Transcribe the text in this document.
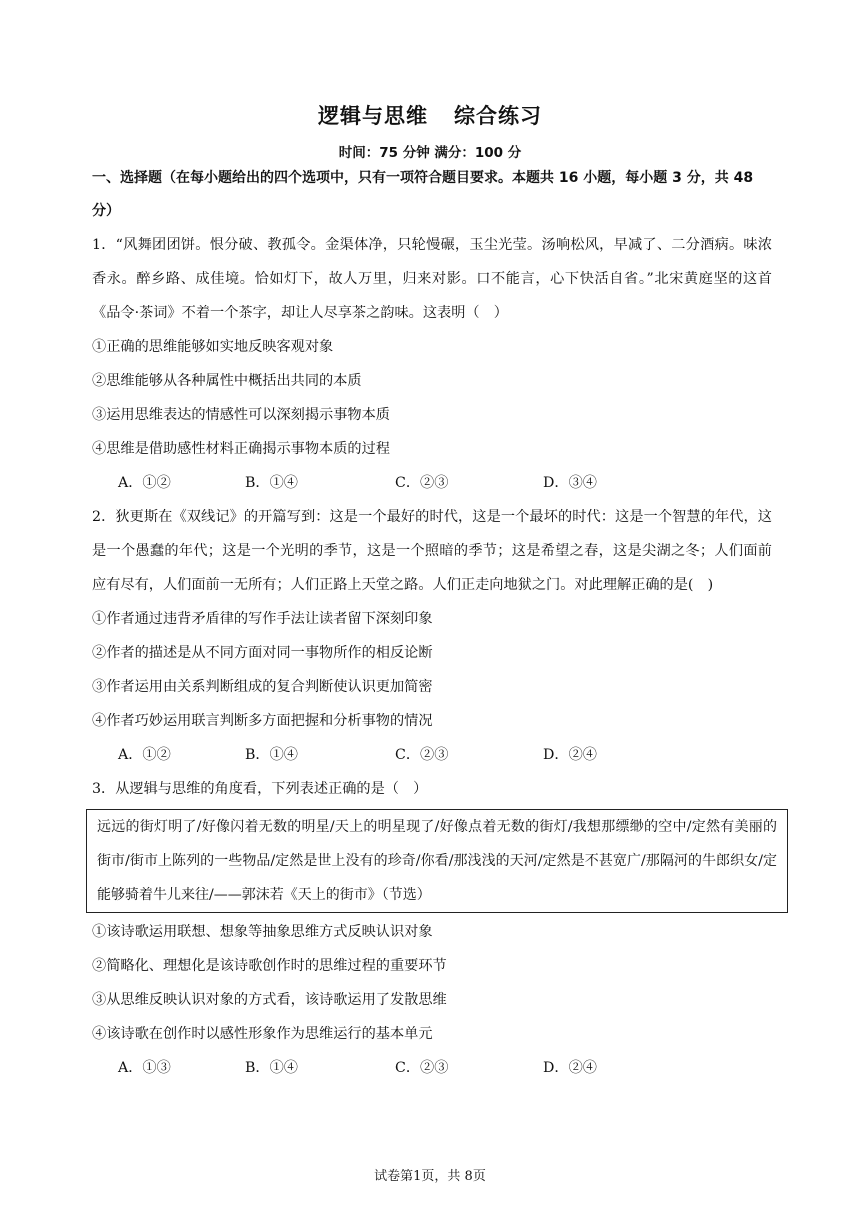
逻辑与思维 综合练习
时间：75 分钟 满分：100 分
一、选择题（在每小题给出的四个选项中，只有一项符合题目要求。本题共 16 小题，每小题 3 分，共 48 分）
1．“风舞团团饼。恨分破、教孤令。金渠体净，只轮慢碾，玉尘光莹。汤响松风，早减了、二分酒病。味浓香永。醉乡路、成佳境。恰如灯下，故人万里，归来对影。口不能言，心下快活自省。”北宋黄庭坚的这首《品令·茶词》不着一个茶字，却让人尽享茶之韵味。这表明（　）
①正确的思维能够如实地反映客观对象
②思维能够从各种属性中概括出共同的本质
③运用思维表达的情感性可以深刻揭示事物本质
④思维是借助感性材料正确揭示事物本质的过程
A．①②	B．①④	C．②③	D．③④
2．狄更斯在《双线记》的开篇写到：这是一个最好的时代，这是一个最坏的时代：这是一个智慧的年代，这是一个愚蠢的年代；这是一个光明的季节，这是一个照暗的季节；这是希望之春，这是尖湖之冬；人们面前应有尽有，人们面前一无所有；人们正路上天堂之路。人们正走向地狱之门。对此理解正确的是(　)
①作者通过违背矛盾律的写作手法让读者留下深刻印象
②作者的描述是从不同方面对同一事物所作的相反论断
③作者运用由关系判断组成的复合判断使认识更加简密
④作者巧妙运用联言判断多方面把握和分析事物的情况
A．①②	B．①④	C．②③	D．②④
3．从逻辑与思维的角度看，下列表述正确的是（　）
远远的街灯明了/好像闪着无数的明星/天上的明星现了/好像点着无数的街灯/我想那缥缈的空中/定然有美丽的街市/街市上陈列的一些物品/定然是世上没有的珍奇/你看/那浅浅的天河/定然是不甚宽广/那隔河的牛郎织女/定能够骑着牛儿来往/——郭沫若《天上的街市》（节选）
①该诗歌运用联想、想象等抽象思维方式反映认识对象
②简略化、理想化是该诗歌创作时的思维过程的重要环节
③从思维反映认识对象的方式看，该诗歌运用了发散思维
④该诗歌在创作时以感性形象作为思维运行的基本单元
A．①③	B．①④	C．②③	D．②④
试卷第1页，共 8页
